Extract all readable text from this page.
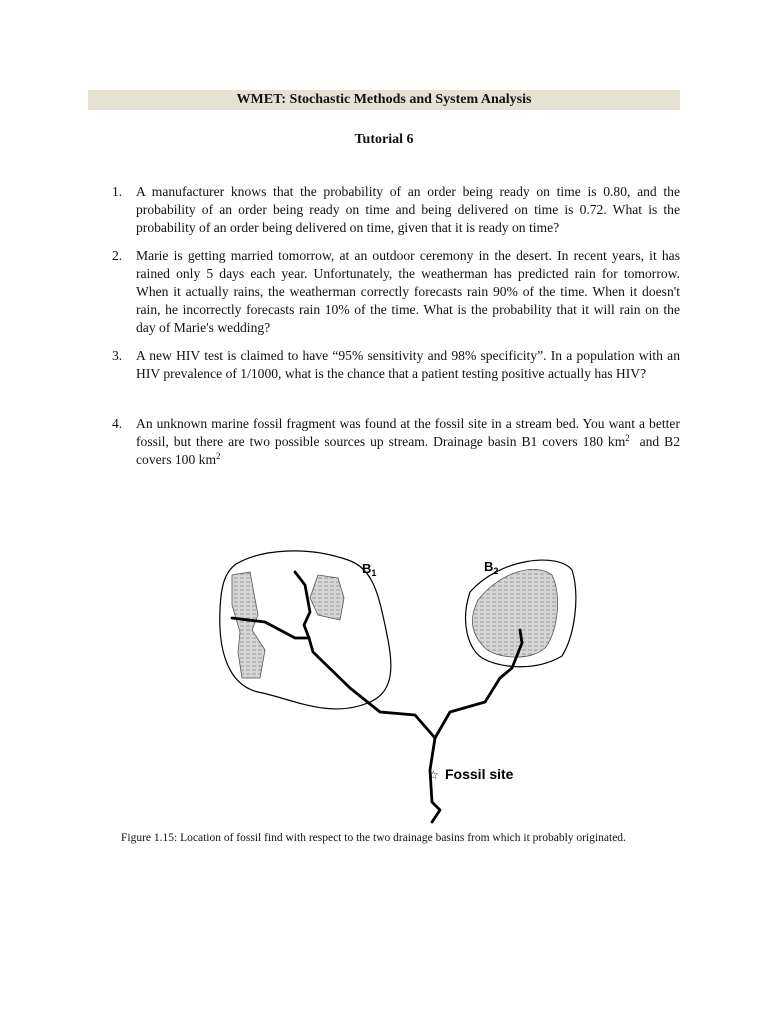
WMET: Stochastic Methods and System Analysis
Tutorial 6
1.	A manufacturer knows that the probability of an order being ready on time is 0.80, and the probability of an order being ready on time and being delivered on time is 0.72. What is the probability of an order being delivered on time, given that it is ready on time?
2.	Marie is getting married tomorrow, at an outdoor ceremony in the desert. In recent years, it has rained only 5 days each year. Unfortunately, the weatherman has predicted rain for tomorrow. When it actually rains, the weatherman correctly forecasts rain 90% of the time. When it doesn't rain, he incorrectly forecasts rain 10% of the time. What is the probability that it will rain on the day of Marie's wedding?
3.	A new HIV test is claimed to have “95% sensitivity and 98% specificity”. In a population with an HIV prevalence of 1/1000, what is the chance that a patient testing positive actually has HIV?
4.	An unknown marine fossil fragment was found at the fossil site in a stream bed. You want a better fossil, but there are two possible sources up stream. Drainage basin B1 covers 180 $km^2$  and B2 covers 100 $km^2$
$B_1$	$B_2$
☆ Fossil site
Figure 1.15: Location of fossil find with respect to the two drainage basins from which it probably originated.
